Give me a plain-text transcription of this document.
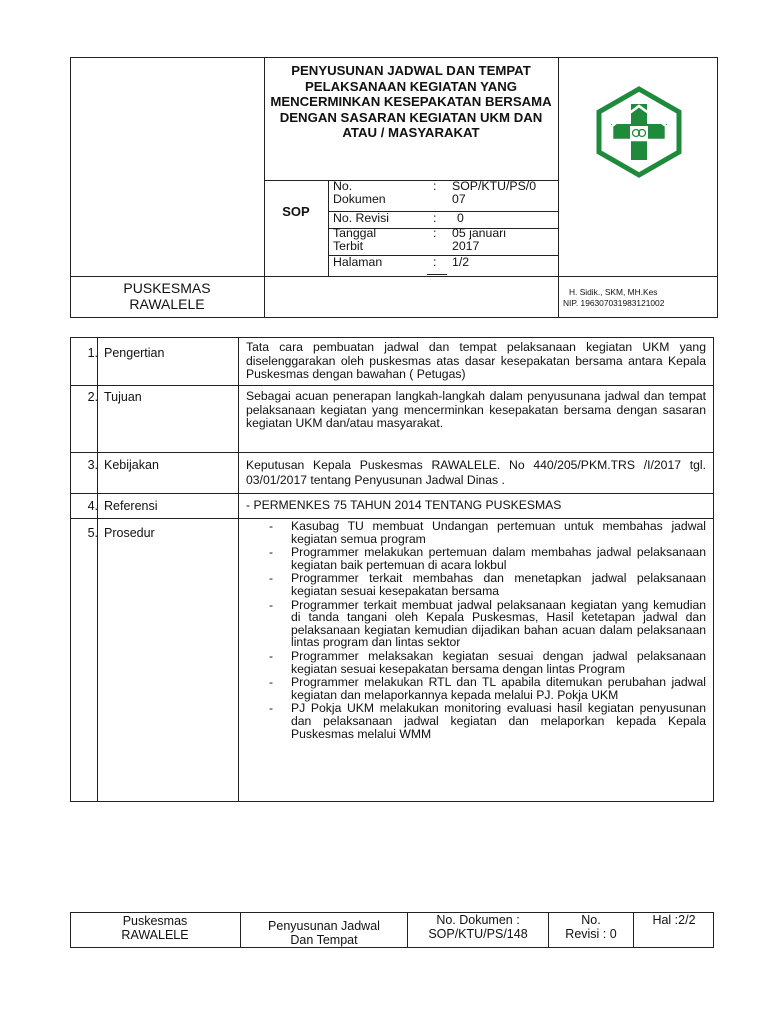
PENYUSUNAN JADWAL DAN TEMPAT PELAKSANAAN KEGIATAN YANG MENCERMINKAN KESEPAKATAN BERSAMA DENGAN SASARAN KEGIATAN UKM DAN ATAU / MASYARAKAT
SOP
No. Dokumen
: SOP/KTU/PS/0 07
No. Revisi	: 0
Tanggal Terbit
: 05 januari 2017
Halaman	: 1/2
PUSKESMAS
RAWALELE
H. Sidik., SKM, MH.Kes
NIP. 196307031983121002
1. Pengertian	Tata cara pembuatan jadwal dan tempat pelaksanaan kegiatan UKM yang diselenggarakan oleh puskesmas atas dasar kesepakatan bersama antara Kepala Puskesmas dengan bawahan ( Petugas)
2. Tujuan	Sebagai acuan penerapan langkah-langkah dalam penyusunana jadwal dan tempat pelaksanaan kegiatan yang mencerminkan kesepakatan bersama dengan sasaran kegiatan UKM dan/atau masyarakat.
3. Kebijakan	Keputusan Kepala Puskesmas RAWALELE. No 440/205/PKM.TRS /I/2017 tgl. 03/01/2017 tentang Penyusunan Jadwal Dinas .
4. Referensi	- PERMENKES 75 TAHUN 2014 TENTANG PUSKESMAS
5. Prosedur
-	Kasubag TU membuat Undangan pertemuan untuk membahas jadwal kegiatan semua program
- Programmer melakukan pertemuan dalam membahas jadwal pelaksanaan kegiatan baik pertemuan di acara lokbul
- Programmer terkait membahas dan menetapkan jadwal pelaksanaan kegiatan sesuai kesepakatan bersama
- Programmer terkait membuat jadwal pelaksanaan kegiatan yang kemudian di tanda tangani oleh Kepala Puskesmas, Hasil ketetapan jadwal dan pelaksanaan kegiatan kemudian dijadikan bahan acuan dalam pelaksanaan lintas program dan lintas sektor
- Programmer melaksakan kegiatan sesuai dengan jadwal pelaksanaan kegiatan sesuai kesepakatan bersama dengan lintas Program
- Programmer melakukan RTL dan TL apabila ditemukan perubahan jadwal kegiatan dan melaporkannya kepada melalui PJ. Pokja UKM
- PJ Pokja UKM melakukan monitoring evaluasi hasil kegiatan penyusunan dan pelaksanaan jadwal kegiatan dan melaporkan kepada Kepala Puskesmas melalui WMM
Puskesmas
RAWALELE
Penyusunan Jadwal
Dan Tempat
No. Dokumen :
SOP/KTU/PS/148
No.
Revisi : 0
Hal :2/2
